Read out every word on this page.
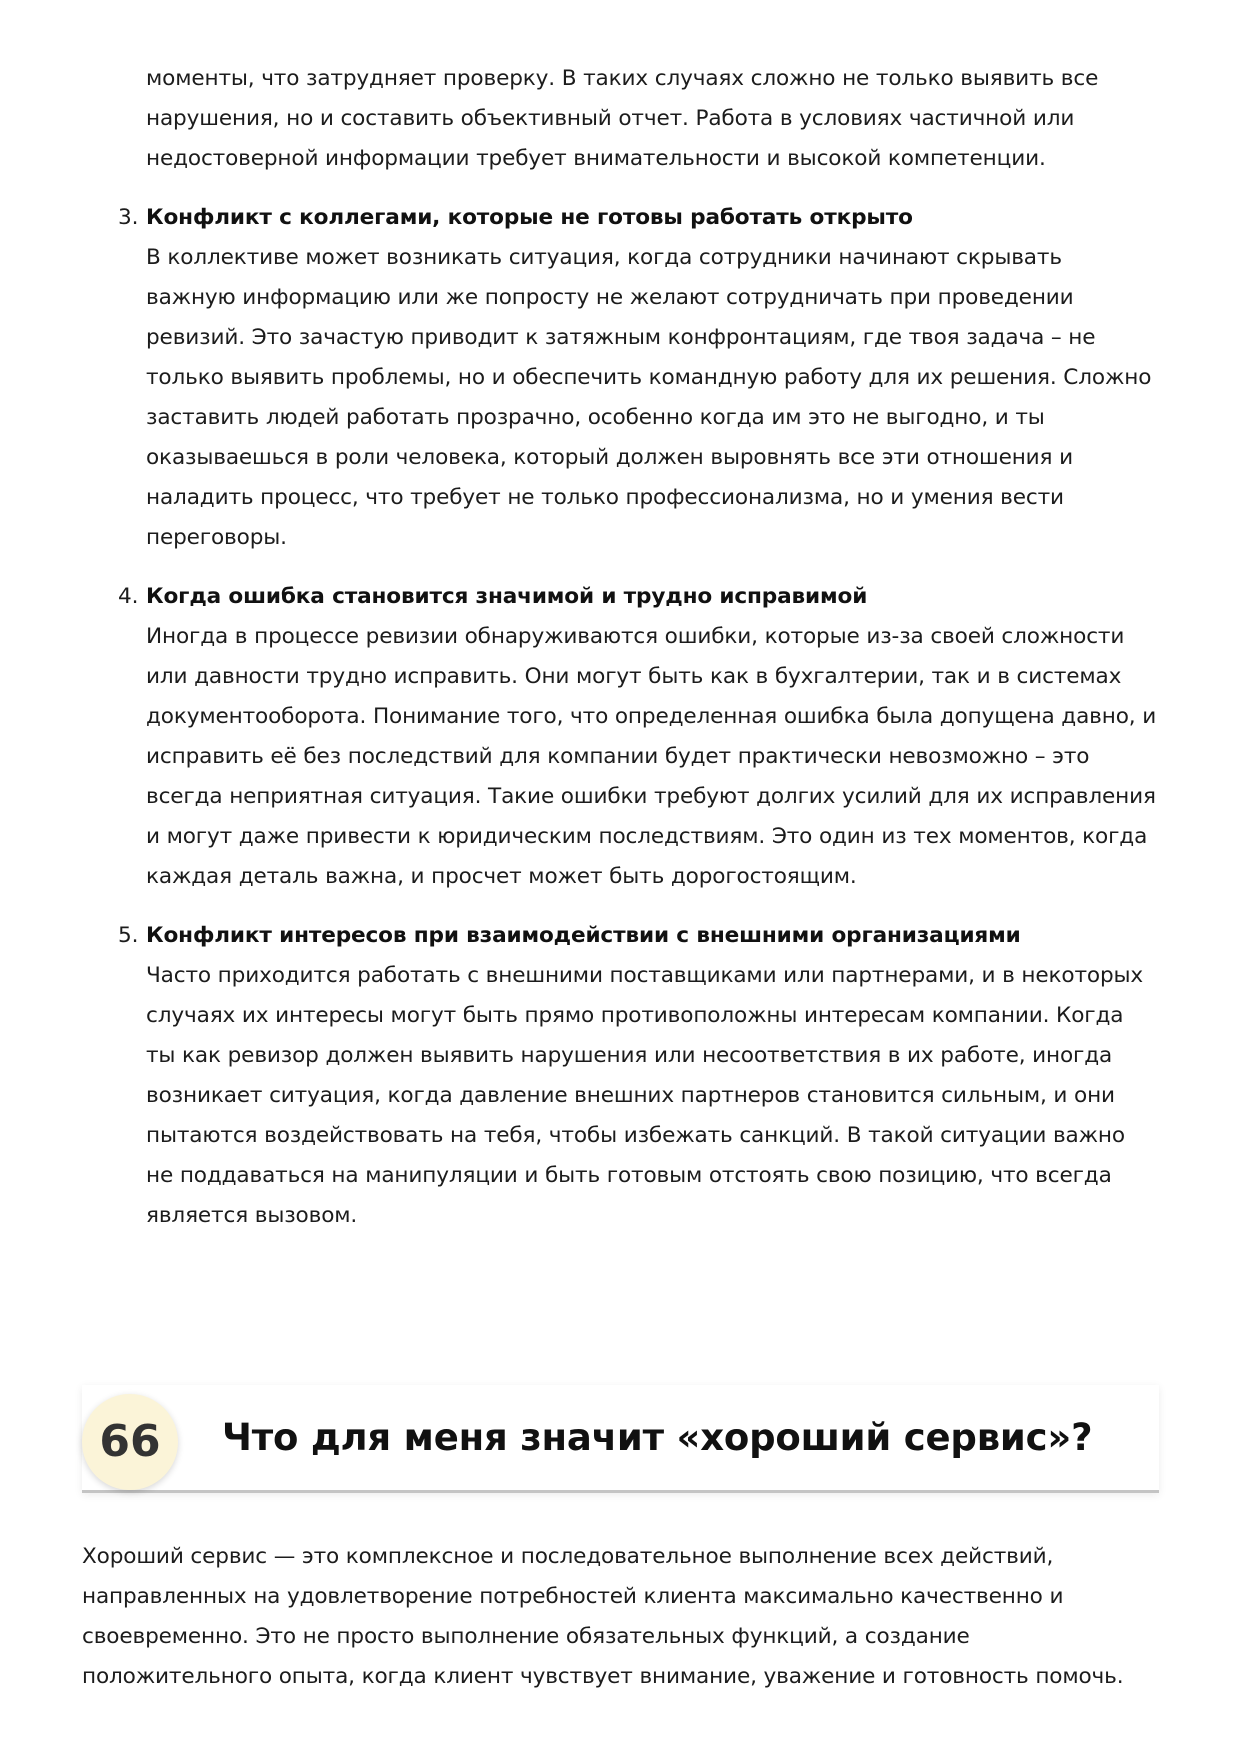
моменты, что затрудняет проверку. В таких случаях сложно не только выявить все нарушения, но и составить объективный отчет. Работа в условиях частичной или недостоверной информации требует внимательности и высокой компетенции.
3. Конфликт с коллегами, которые не готовы работать открыто
В коллективе может возникать ситуация, когда сотрудники начинают скрывать важную информацию или же попросту не желают сотрудничать при проведении ревизий. Это зачастую приводит к затяжным конфронтациям, где твоя задача – не только выявить проблемы, но и обеспечить командную работу для их решения. Сложно заставить людей работать прозрачно, особенно когда им это не выгодно, и ты оказываешься в роли человека, который должен выровнять все эти отношения и наладить процесс, что требует не только профессионализма, но и умения вести переговоры.
4. Когда ошибка становится значимой и трудно исправимой
Иногда в процессе ревизии обнаруживаются ошибки, которые из-за своей сложности или давности трудно исправить. Они могут быть как в бухгалтерии, так и в системах документооборота. Понимание того, что определенная ошибка была допущена давно, и исправить её без последствий для компании будет практически невозможно – это всегда неприятная ситуация. Такие ошибки требуют долгих усилий для их исправления и могут даже привести к юридическим последствиям. Это один из тех моментов, когда каждая деталь важна, и просчет может быть дорогостоящим.
5. Конфликт интересов при взаимодействии с внешними организациями
Часто приходится работать с внешними поставщиками или партнерами, и в некоторых случаях их интересы могут быть прямо противоположны интересам компании. Когда ты как ревизор должен выявить нарушения или несоответствия в их работе, иногда возникает ситуация, когда давление внешних партнеров становится сильным, и они пытаются воздействовать на тебя, чтобы избежать санкций. В такой ситуации важно не поддаваться на манипуляции и быть готовым отстоять свою позицию, что всегда является вызовом.
66	Что для меня значит «хороший сервис»?
Хороший сервис — это комплексное и последовательное выполнение всех действий, направленных на удовлетворение потребностей клиента максимально качественно и своевременно. Это не просто выполнение обязательных функций, а создание положительного опыта, когда клиент чувствует внимание, уважение и готовность помочь.
